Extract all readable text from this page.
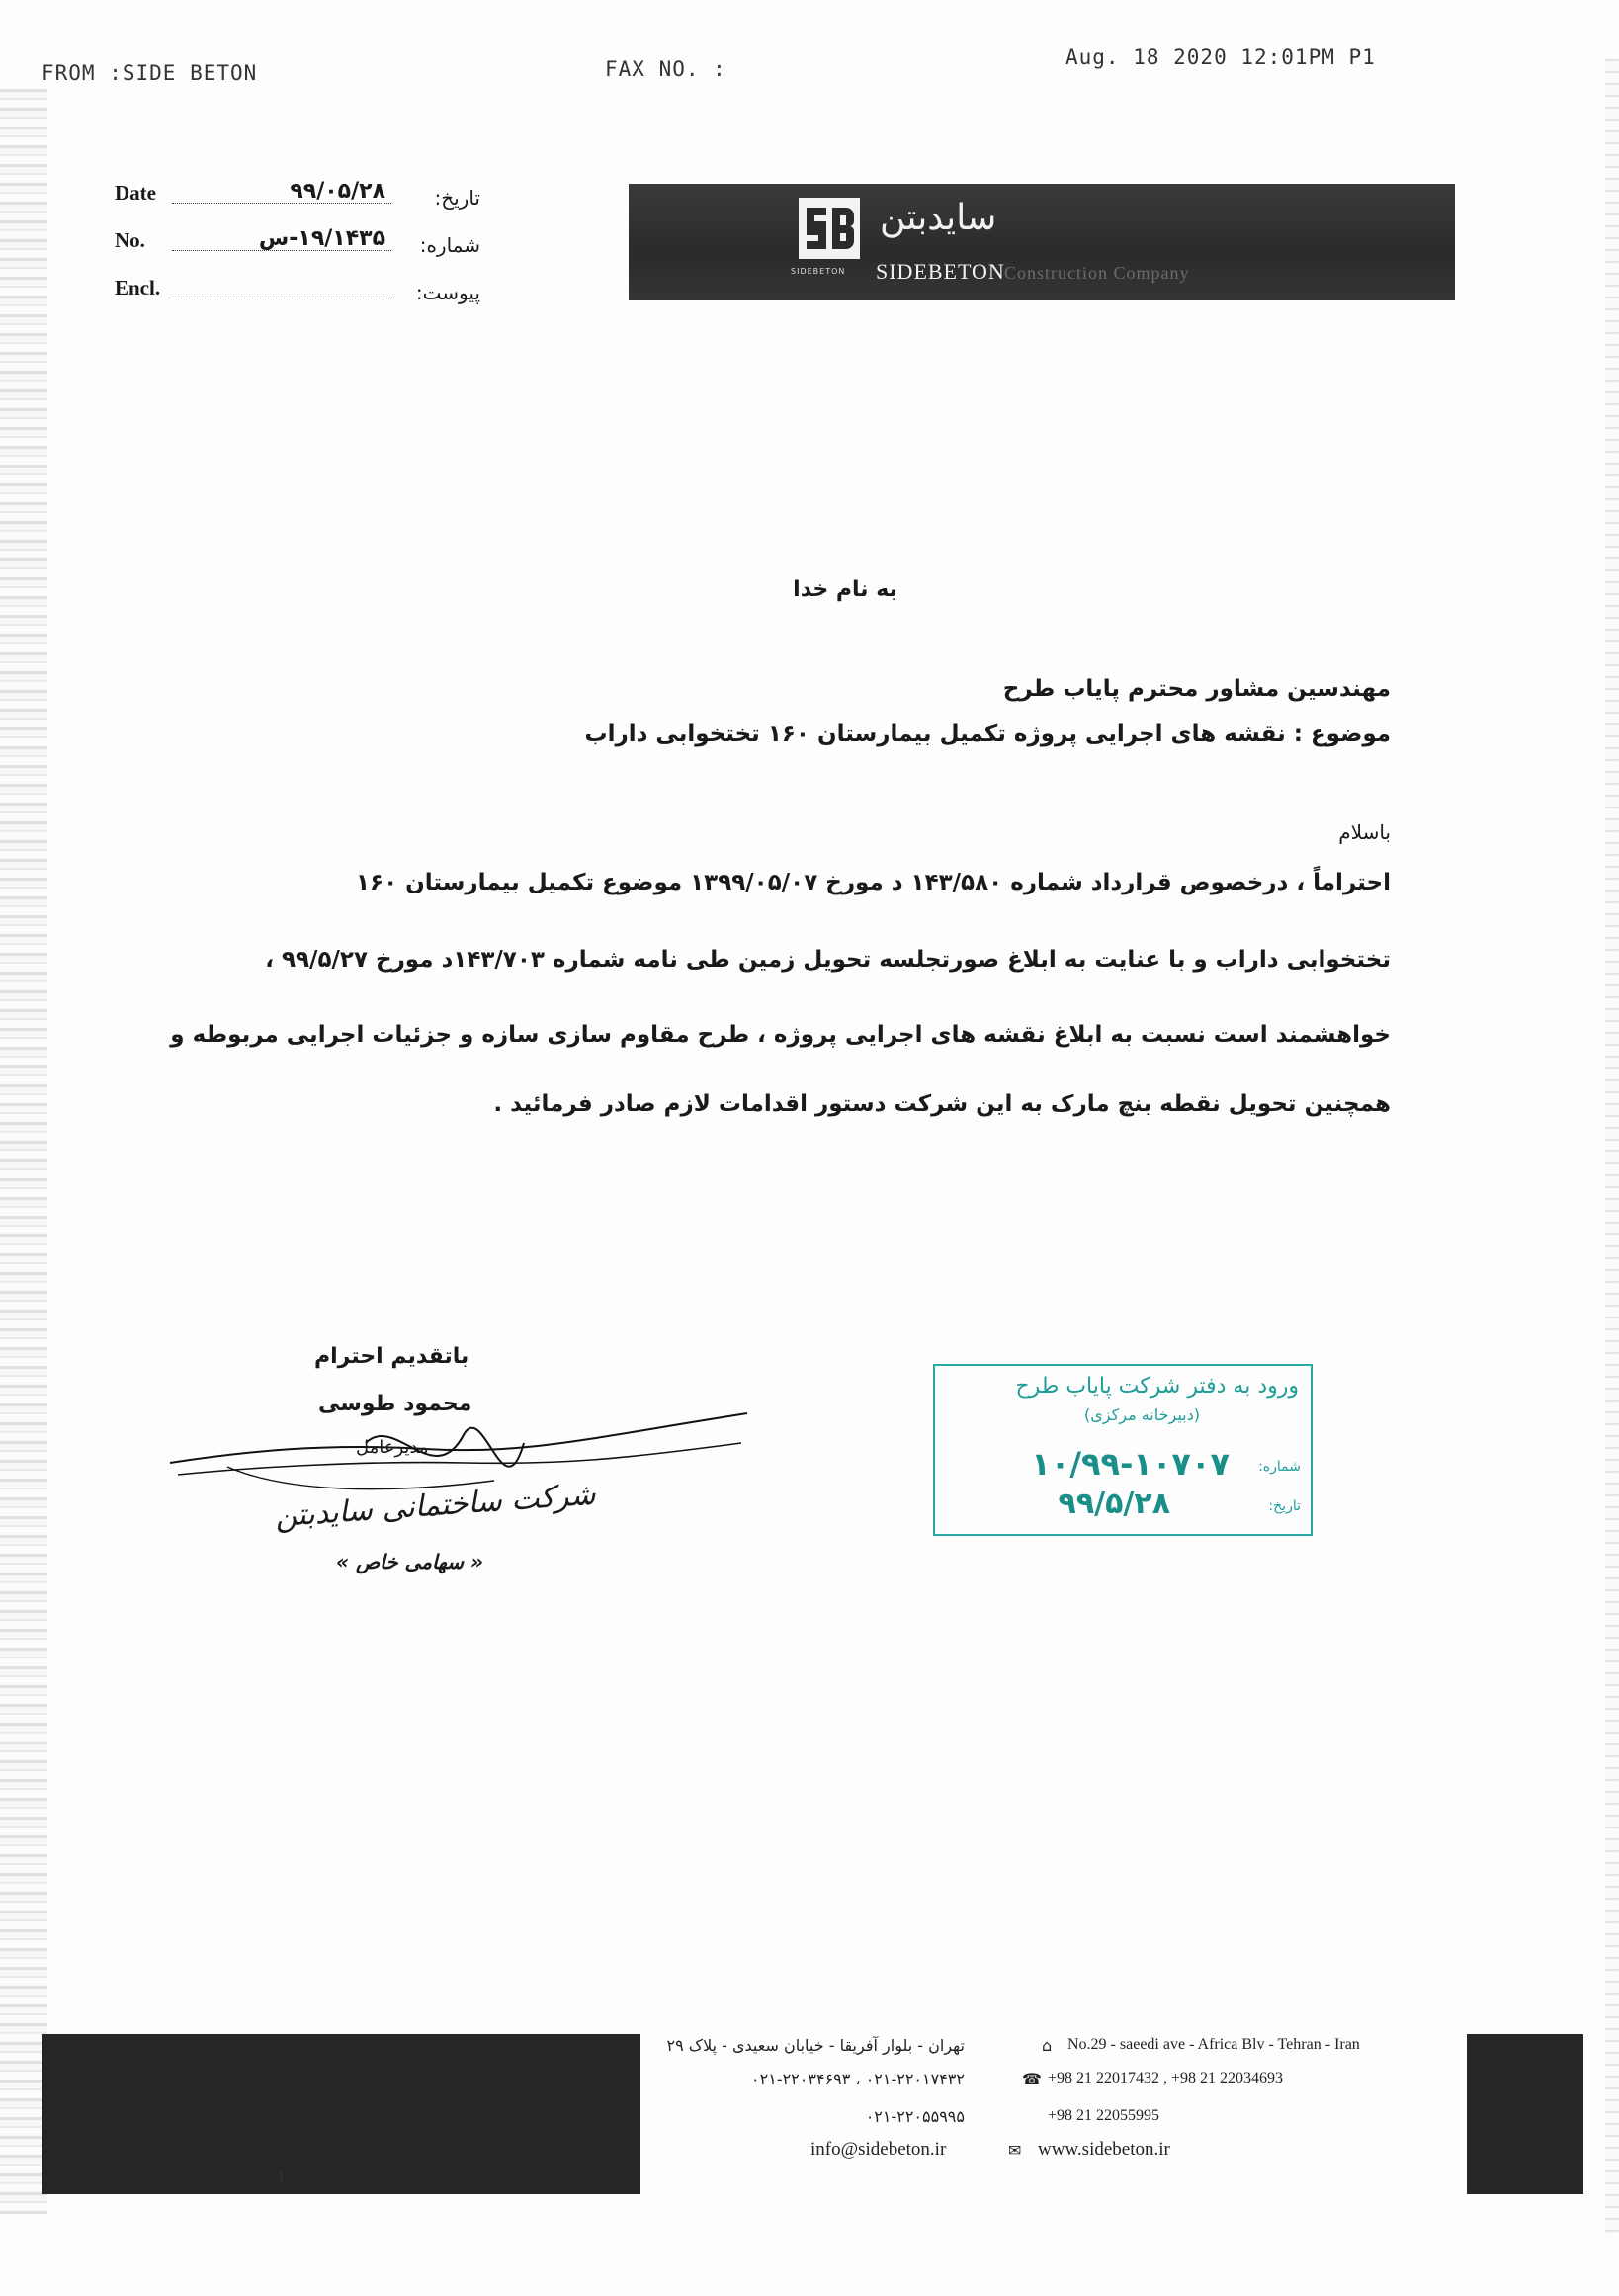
FROM :SIDE BETON	FAX NO. :	Aug. 18 2020 12:01PM P1
Date	۹۹/۰۵/۲۸ تاریخ:
No.	۱۹/۱۴۳۵-س شماره:
Encl.	پیوست:
SIDEBETON
سایدبتن
SIDEBETON Construction Company
به نام خدا
مهندسین مشاور محترم پایاب طرح
موضوع : نقشه های اجرایی پروژه تکمیل بیمارستان ۱۶۰ تختخوابی داراب
باسلام
احتراماً ، درخصوص قرارداد شماره ۱۴۳/۵۸۰ د مورخ ۱۳۹۹/۰۵/۰۷ موضوع تکمیل بیمارستان ۱۶۰
تختخوابی داراب و با عنایت به ابلاغ صورتجلسه تحویل زمین طی نامه شماره ۱۴۳/۷۰۳د مورخ ۹۹/۵/۲۷ ،
خواهشمند است نسبت به ابلاغ نقشه های اجرایی پروژه ، طرح مقاوم سازی سازه و جزئیات اجرایی مربوطه و
همچنین تحویل نقطه بنچ مارک به این شرکت دستور اقدامات لازم صادر فرمائید .
باتقدیم احترام
محمود طوسی
مدیرعامل
شرکت ساختمانی سایدبتن
« سهامی خاص »
ورود به دفتر شرکت پایاب طرح
(دبیرخانه مرکزی)
شماره:
۱۰/۹۹-۱۰۷۰۷
تاریخ:
۹۹/۵/۲۸
تهران - بلوار آفریقا - خیابان سعیدی - پلاک ۲۹	⌂ No.29 - saeedi ave - Africa Blv - Tehran - Iran
۰۲۱-۲۲۰۱۷۴۳۲ ، ۰۲۱-۲۲۰۳۴۶۹۳	☎ +98 21 22017432 , +98 21 22034693
۰۲۱-۲۲۰۵۵۹۹۵	+98 21 22055995
info@sidebeton.ir	✉ www.sidebeton.ir
۱
